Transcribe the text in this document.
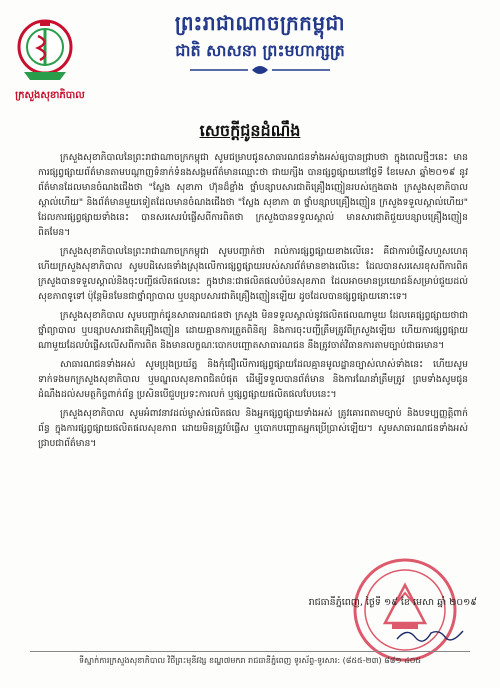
ក្រសួងសុខាភិបាល
ព្រះរាជាណាចក្រកម្ពុជា
ជាតិ សាសនា ព្រះមហាក្សត្រ
សេចក្តីជូនដំណឹង

ក្រសួងសុខាភិបាលនៃព្រះរាជាណាចក្រកម្ពុជា សូមជម្រាបជូនសាធារណជនទាំងអស់ឲ្យបានជ្រាបថា ក្នុងពេលថ្មីៗនេះ មានការផ្សព្វផ្សាយព័ត៌មានតាមបណ្តាញទំនាក់ទំនងសង្គមព័ត៌មានឈ្មោះថា ជាយក្សីង បានផ្សព្វផ្សាយនៅថ្ងៃទី ខែមេសា ឆ្នាំ២០១៩ នូវព័ត៌មានដែលមានចំណងជើងថា "ស្លែង សុខាភា ហ៊ុនដ៏ខ្លាំង ថ្នាំបន្សាបសារជាតិគ្រឿងញៀនរបស់ក្មេងធាង ក្រសួងសុខាភិបាលស្គាល់ហើយ" និងព័ត៌មានមួយទៀតដែលមានចំណងជើងថា "ស្លែង សុខាភា ៣ ថ្នាំបន្សាបគ្រឿងញៀន ក្រសួងទទួលស្គាល់ហើយ" ដែលការផ្សព្វផ្សាយទាំងនេះ បានសរសេរបំផ្លើសពីការពិតថា ក្រសួងបានទទួលស្គាល់ មានសារជាតិជួយបន្សាបគ្រឿងញៀនពិតមែន។

ក្រសួងសុខាភិបាលនៃព្រះរាជាណាចក្រកម្ពុជា សូមបញ្ជាក់ថា រាល់ការផ្សព្វផ្សាយខាងលើនេះ គឺជាការបំផ្លើសហួសហេតុ ហើយក្រសួងសុខាភិបាល សូមបដិសេធទាំងស្រុងលើការផ្សព្វផ្សាយរបស់សារព័ត៌មានខាងលើនេះ ដែលបានសរសេរខុសពីការពិត ក្រសួងបានទទួលស្គាល់និងចុះបញ្ជីផលិតផលនេះ ក្នុងឋានៈជាផលិតផលបំប៉នសុខភាព ដែលអាចមានប្រយោជន៍សម្រាប់ជួយដល់សុខភាពទូទៅ ប៉ុន្តែមិនមែនជាថ្នាំព្យាបាល ឬបន្សាបសារជាតិគ្រឿងញៀនឡើយ ដូចដែលបានផ្សព្វផ្សាយនោះទេ។

ក្រសួងសុខាភិបាល សូមបញ្ជាក់ជូនសាធារណជនថា ក្រសួង មិនទទួលស្គាល់នូវផលិតផលណាមួយ ដែលគេផ្សព្វផ្សាយថាជាថ្នាំព្យាបាល ឬបន្សាបសារជាតិគ្រឿងញៀន ដោយគ្មានការត្រួតពិនិត្យ និងការចុះបញ្ជីត្រឹមត្រូវពីក្រសួងឡើយ ហើយការផ្សព្វផ្សាយណាមួយដែលបំផ្លើសលើសពីការពិត និងមានលក្ខណៈបោកបញ្ឆោតសាធារណជន នឹងត្រូវចាត់វិធានការតាមច្បាប់ជាធរមាន។

សាធារណជនទាំងអស់ សូមប្រុងប្រយ័ត្ន និងកុំជឿលើការផ្សព្វផ្សាយដែលគ្មានមូលដ្ឋានច្បាស់លាស់ទាំងនេះ ហើយសូមទាក់ទងមកក្រសួងសុខាភិបាល ឬមណ្ឌលសុខភាពជិតបំផុត ដើម្បីទទួលបានព័ត៌មាន និងការណែនាំត្រឹមត្រូវ ព្រមទាំងសូមជូនដំណឹងដល់សមត្ថកិច្ចពាក់ព័ន្ធ ប្រសិនបើជួបប្រទះការលក់ ឬផ្សព្វផ្សាយផលិតផលបែបនេះ។

ក្រសួងសុខាភិបាល សូមអំពាវនាវដល់ម្ចាស់ផលិតផល និងអ្នកផ្សព្វផ្សាយទាំងអស់ ត្រូវគោរពតាមច្បាប់ និងបទប្បញ្ញត្តិពាក់ព័ន្ធ ក្នុងការផ្សព្វផ្សាយផលិតផលសុខភាព ដោយមិនត្រូវបំផ្លើស ឬបោកបញ្ឆោតអ្នកប្រើប្រាស់ឡើយ។ សូមសាធារណជនទាំងអស់ជ្រាបជាព័ត៌មាន។

រាជធានីភ្នំពេញ, ថ្ងៃទី ១៩ ខែ មេសា ឆ្នាំ ២០១៩
ទីស្នាក់ការក្រសួងសុខាភិបាល វិថីព្រះមុនីវង្ស ខណ្ឌ៧មករា រាជធានីភ្នំពេញ ទូរស័ព្ទ-ទូរសារ: (៨៥៥-២៣) ៨៨១ ៤០៥
